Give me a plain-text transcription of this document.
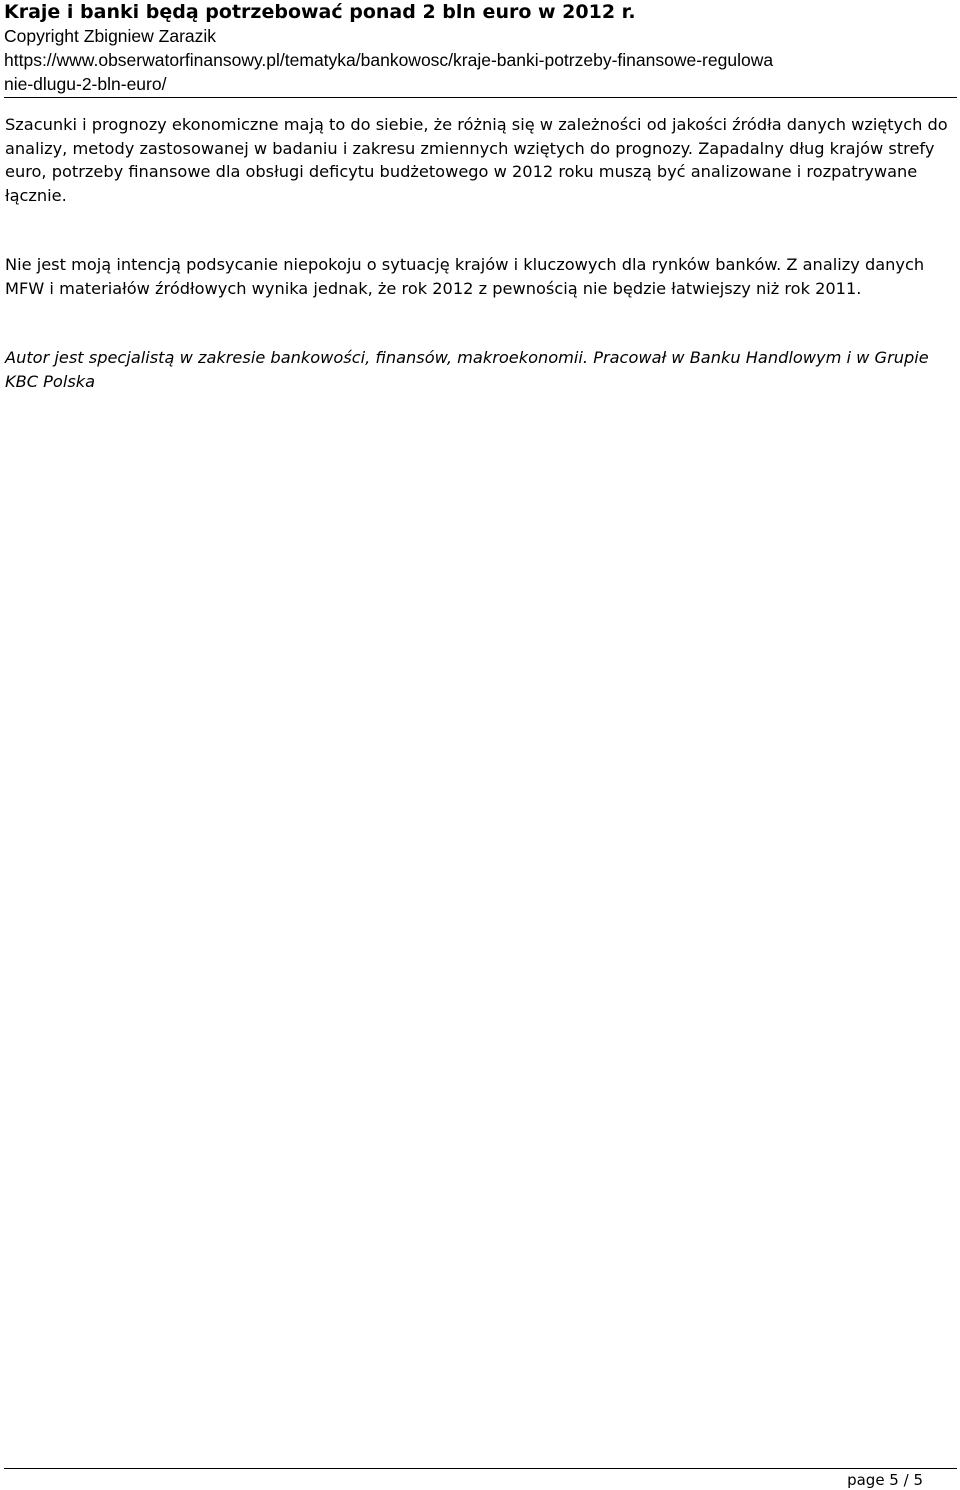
Kraje i banki będą potrzebować ponad 2 bln euro w 2012 r.

Copyright Zbigniew Zarazik

https://www.obserwatorfinansowy.pl/tematyka/bankowosc/kraje-banki-potrzeby-finansowe-regulowa

nie-dlugu-2-bln-euro/

Szacunki i prognozy ekonomiczne mają to do siebie, że różnią się w zależności od jakości źródła danych wziętych do analizy, metody zastosowanej w badaniu i zakresu zmiennych wziętych do prognozy. Zapadalny dług krajów strefy euro, potrzeby finansowe dla obsługi deficytu budżetowego w 2012 roku muszą być analizowane i rozpatrywane łącznie.

Nie jest moją intencją podsycanie niepokoju o sytuację krajów i kluczowych dla rynków banków. Z analizy danych MFW i materiałów źródłowych wynika jednak, że rok 2012 z pewnością nie będzie łatwiejszy niż rok 2011.

Autor jest specjalistą w zakresie bankowości, finansów, makroekonomii. Pracował w Banku Handlowym i w Grupie KBC Polska

page 5 / 5
